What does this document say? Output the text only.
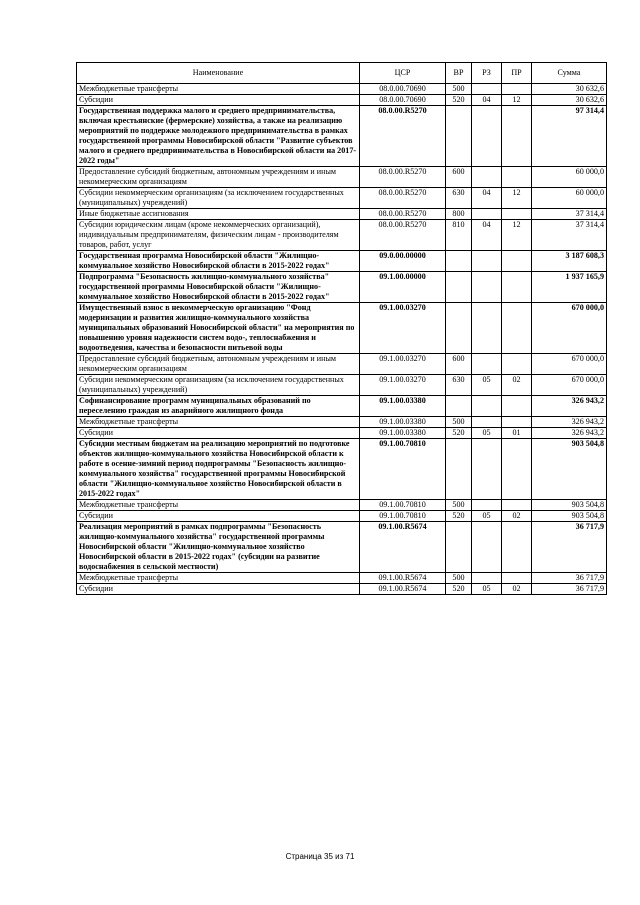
Наименование	ЦСР	ВР	РЗ	ПР	Сумма
Межбюджетные трансферты	08.0.00.70690	500			30 632,6
Субсидии	08.0.00.70690	520	04	12	30 632,6
Государственная поддержка малого и среднего предпринимательства, включая крестьянские (фермерские) хозяйства, а также на реализацию мероприятий по поддержке молодежного предпринимательства в рамках государственной программы Новосибирской области "Развитие субъектов малого и среднего предпринимательства в Новосибирской области на 2017-2022 годы"	08.0.00.R5270				97 314,4
Предоставление субсидий бюджетным, автономным учреждениям и иным некоммерческим организациям	08.0.00.R5270	600			60 000,0
Субсидии некоммерческим организациям (за исключением государственных (муниципальных) учреждений)	08.0.00.R5270	630	04	12	60 000,0
Иные бюджетные ассигнования	08.0.00.R5270	800			37 314,4
Субсидии юридическим лицам (кроме некоммерческих организаций), индивидуальным предпринимателям, физическим лицам - производителям товаров, работ, услуг	08.0.00.R5270	810	04	12	37 314,4
Государственная программа Новосибирской области "Жилищно-коммунальное хозяйство Новосибирской области в 2015-2022 годах"	09.0.00.00000				3 187 608,3
Подпрограмма "Безопасность жилищно-коммунального хозяйства" государственной программы Новосибирской области "Жилищно-коммунальное хозяйство Новосибирской области в 2015-2022 годах"	09.1.00.00000				1 937 165,9
Имущественный взнос в некоммерческую организацию "Фонд модернизации и развития жилищно-коммунального хозяйства муниципальных образований Новосибирской области" на мероприятия по повышению уровня надежности систем водо-, теплоснабжения и водоотведения, качества и безопасности питьевой воды	09.1.00.03270				670 000,0
Предоставление субсидий бюджетным, автономным учреждениям и иным некоммерческим организациям	09.1.00.03270	600			670 000,0
Субсидии некоммерческим организациям (за исключением государственных (муниципальных) учреждений)	09.1.00.03270	630	05	02	670 000,0
Софинансирование программ муниципальных образований по переселению граждан из аварийного жилищного фонда	09.1.00.03380				326 943,2
Межбюджетные трансферты	09.1.00.03380	500			326 943,2
Субсидии	09.1.00.03380	520	05	01	326 943,2
Субсидии местным бюджетам на реализацию мероприятий по подготовке объектов жилищно-коммунального хозяйства Новосибирской области к работе в осенне-зимний период подпрограммы "Безопасность жилищно-коммунального хозяйства" государственной программы Новосибирской области "Жилищно-коммунальное хозяйство Новосибирской области в 2015-2022 годах"	09.1.00.70810				903 504,8
Межбюджетные трансферты	09.1.00.70810	500			903 504,8
Субсидии	09.1.00.70810	520	05	02	903 504,8
Реализация мероприятий в рамках подпрограммы "Безопасность жилищно-коммунального хозяйства" государственной программы Новосибирской области "Жилищно-коммунальное хозяйство Новосибирской области в 2015-2022 годах" (субсидии на развитие водоснабжения в сельской местности)	09.1.00.R5674				36 717,9
Межбюджетные трансферты	09.1.00.R5674	500			36 717,9
Субсидии	09.1.00.R5674	520	05	02	36 717,9
Страница 35 из 71
